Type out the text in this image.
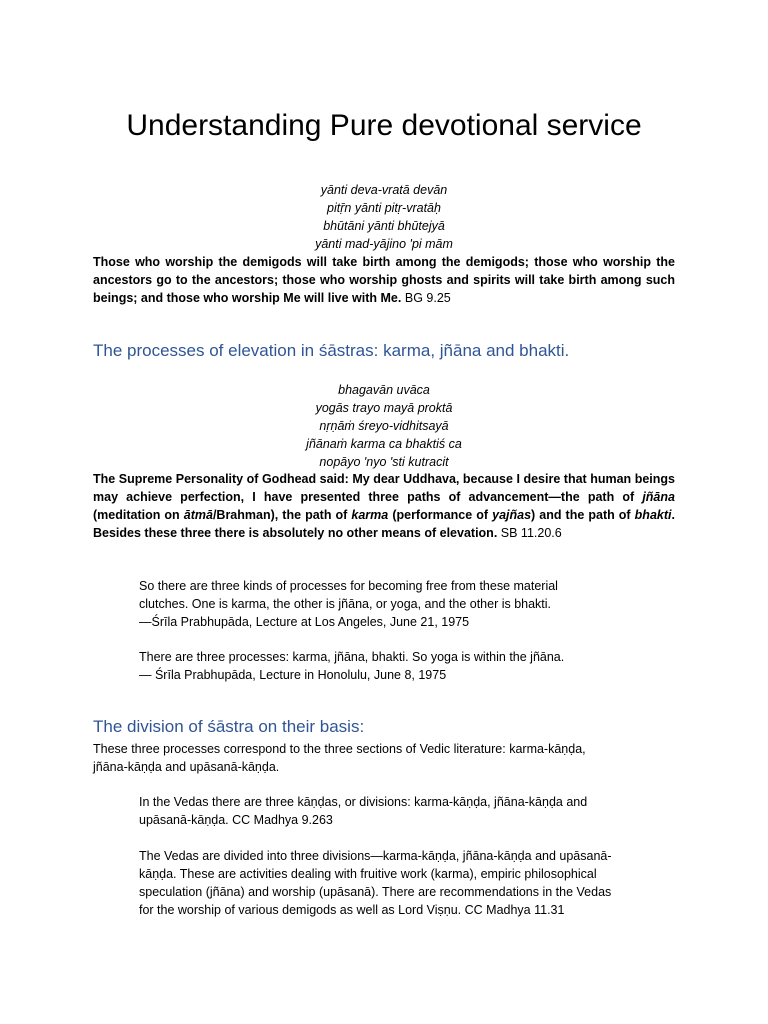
Understanding Pure devotional service
yānti deva-vratā devān
pitṝn yānti pitṛ-vratāḥ
bhūtāni yānti bhūtejyā
yānti mad-yājino 'pi mām

Those who worship the demigods will take birth among the demigods; those who worship the ancestors go to the ancestors; those who worship ghosts and spirits will take birth among such beings; and those who worship Me will live with Me. BG 9.25

The processes of elevation in śāstras: karma, jñāna and bhakti.
bhagavān uvāca
yogās trayo mayā proktā
nṛṇāṁ śreyo-vidhitsayā
jñānaṁ karma ca bhaktiś ca
nopāyo 'nyo 'sti kutracit

The Supreme Personality of Godhead said: My dear Uddhava, because I desire that human beings may achieve perfection, I have presented three paths of advancement—the path of jñāna (meditation on ātmā/Brahman), the path of karma (performance of yajñas) and the path of bhakti. Besides these three there is absolutely no other means of elevation. SB 11.20.6

So there are three kinds of processes for becoming free from these material
clutches. One is karma, the other is jñāna, or yoga, and the other is bhakti.
—Śrīla Prabhupāda, Lecture at Los Angeles, June 21, 1975
There are three processes: karma, jñāna, bhakti. So yoga is within the jñāna.
— Śrīla Prabhupāda, Lecture in Honolulu, June 8, 1975
The division of śāstra on their basis:
These three processes correspond to the three sections of Vedic literature: karma-kāṇḍa,
jñāna-kāṇḍa and upāsanā-kāṇḍa.
In the Vedas there are three kāṇḍas, or divisions: karma-kāṇḍa, jñāna-kāṇḍa and
upāsanā-kāṇḍa. CC Madhya 9.263
The Vedas are divided into three divisions—karma-kāṇḍa, jñāna-kāṇḍa and upāsanā-
kāṇḍa. These are activities dealing with fruitive work (karma), empiric philosophical
speculation (jñāna) and worship (upāsanā). There are recommendations in the Vedas
for the worship of various demigods as well as Lord Viṣṇu. CC Madhya 11.31
